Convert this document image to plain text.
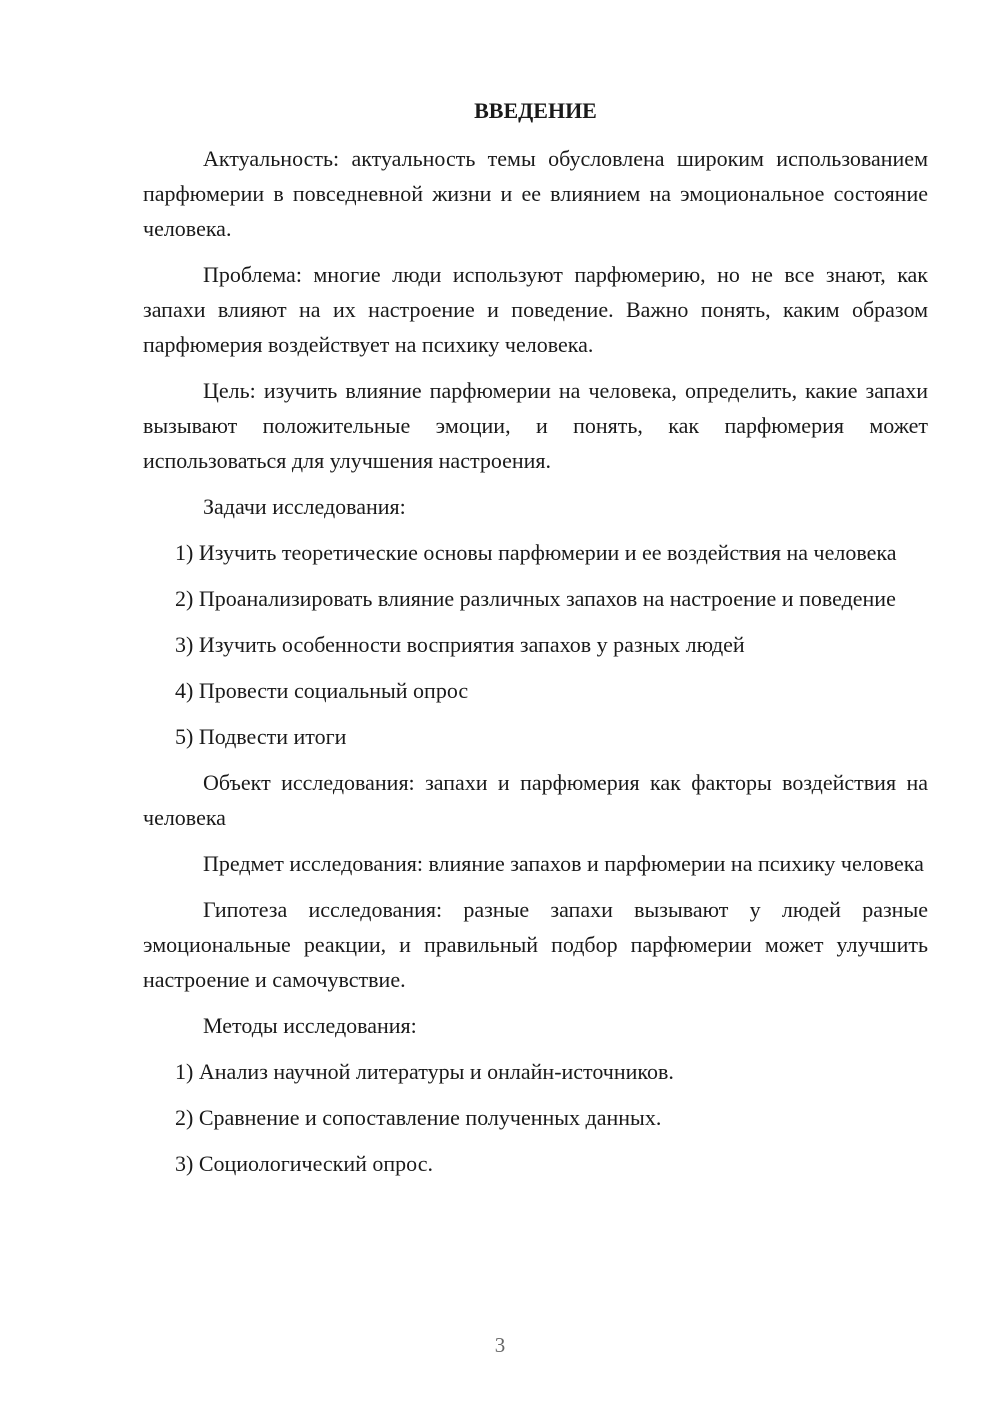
ВВЕДЕНИЕ

Актуальность: актуальность темы обусловлена широким использованием парфюмерии в повседневной жизни и ее влиянием на эмоциональное состояние человека.

Проблема: многие люди используют парфюмерию, но не все знают, как запахи влияют на их настроение и поведение. Важно понять, каким образом парфюмерия воздействует на психику человека.

Цель: изучить влияние парфюмерии на человека, определить, какие запахи вызывают положительные эмоции, и понять, как парфюмерия может использоваться для улучшения настроения.

Задачи исследования:

1) Изучить теоретические основы парфюмерии и ее воздействия на человека

2) Проанализировать влияние различных запахов на настроение и поведение

3) Изучить особенности восприятия запахов у разных людей

4) Провести социальный опрос

5) Подвести итоги

Объект исследования: запахи и парфюмерия как факторы воздействия на человека

Предмет исследования: влияние запахов и парфюмерии на психику человека

Гипотеза исследования: разные запахи вызывают у людей разные эмоциональные реакции, и правильный подбор парфюмерии может улучшить настроение и самочувствие.

Методы исследования:

1) Анализ научной литературы и онлайн-источников.

2) Сравнение и сопоставление полученных данных.

3) Социологический опрос.

3
